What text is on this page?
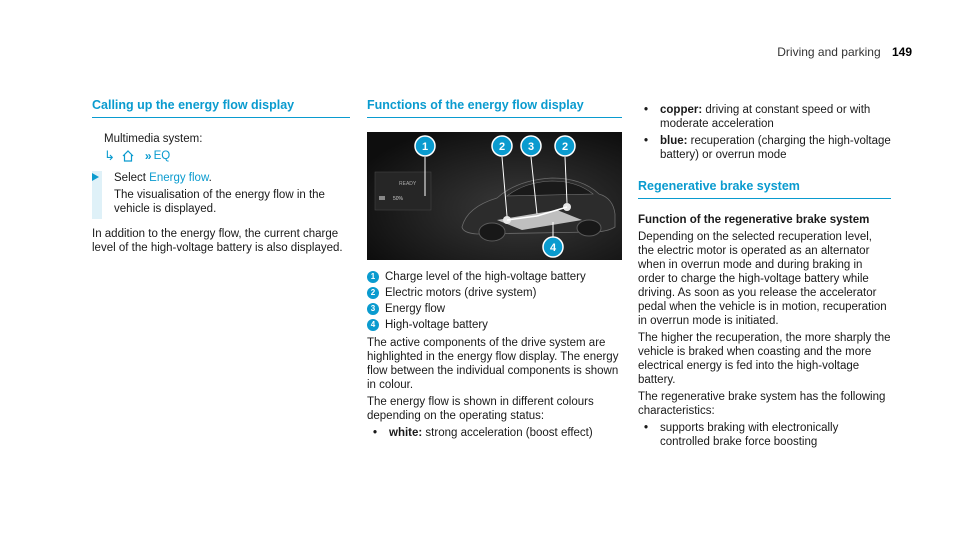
Driving and parking 149
Calling up the energy flow display

Multimedia system:

↳	» EQ

Select Energy flow.

The visualisation of the energy flow in the vehicle is displayed.

In addition to the energy flow, the current charge level of the high-voltage battery is also displayed.

Functions of the energy flow display
READY
50%
1	2 3	2
4
1 Charge level of the high-voltage battery
2 Electric motors (drive system)
3 Energy flow
4 High-voltage battery

The active components of the drive system are highlighted in the energy flow display. The energy flow between the individual components is shown in colour.

The energy flow is shown in different colours depending on the operating status:

•	white: strong acceleration (boost effect)
•	copper: driving at constant speed or with moderate acceleration
•	blue: recuperation (charging the high-voltage battery) or overrun mode
Regenerative brake system

Function of the regenerative brake system

Depending on the selected recuperation level, the electric motor is operated as an alternator when in overrun mode and during braking in order to charge the high-voltage battery while driving. As soon as you release the accelerator pedal when the vehicle is in motion, recuperation in overrun mode is initiated.

The higher the recuperation, the more sharply the vehicle is braked when coasting and the more electrical energy is fed into the high-voltage battery.

The regenerative brake system has the following characteristics:

•	supports braking with electronically controlled brake force boosting
